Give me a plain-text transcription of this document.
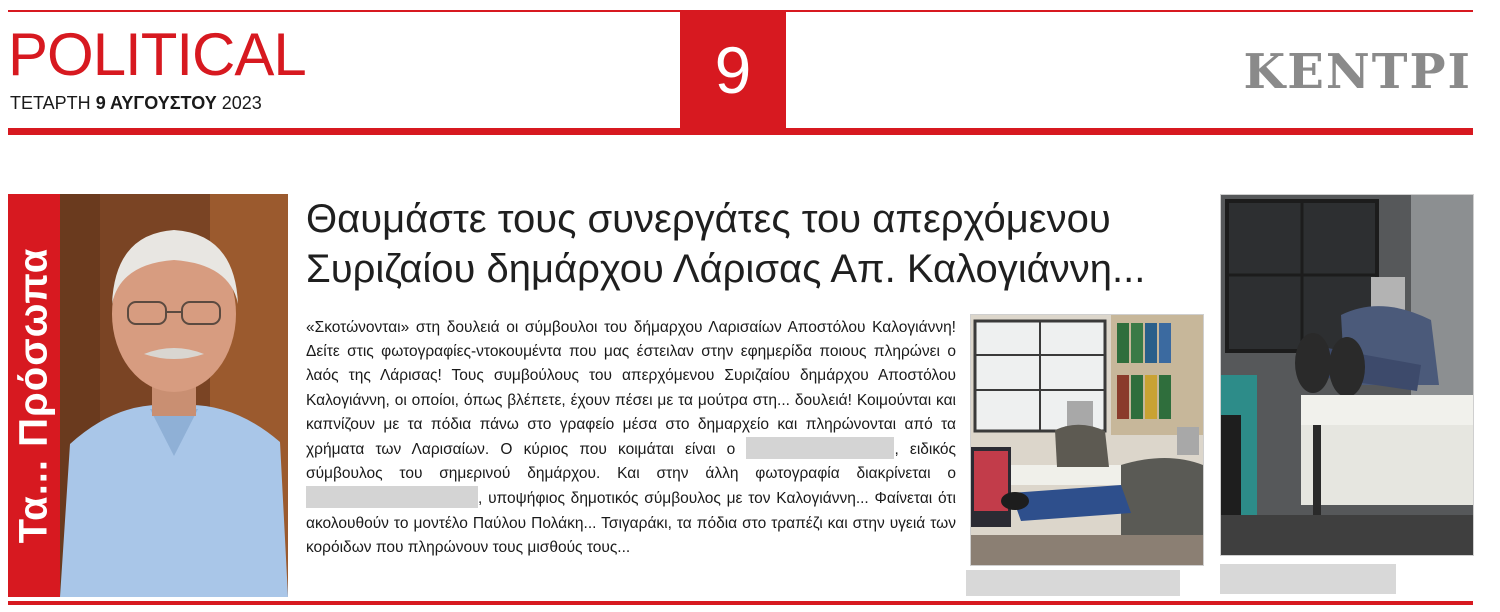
POLITICAL
ΤΕΤΑΡΤΗ 9 ΑΥΓΟΥΣΤΟΥ 2023	9	KENTPI
Τα... Πρόσωπα
Θαυμάστε τους συνεργάτες του απερχόμενου Συριζαίου δημάρχου Λάρισας Απ. Καλογιάννη...

«Σκοτώνονται» στη δουλειά οι σύμβουλοι του δήμαρχου Λαρισαίων Αποστόλου Καλογιάννη! Δείτε στις φωτογραφίες-ντοκουμέντα που μας έστειλαν στην εφημερίδα ποιους πληρώνει ο λαός της Λάρισας! Τους συμβούλους του απερχόμενου Συριζαίου δημάρχου Αποστόλου Καλογιάννη, οι οποίοι, όπως βλέπετε, έχουν πέσει με τα μούτρα στη... δουλειά! Κοιμούνται και καπνίζουν με τα πόδια πάνω στο γραφείο μέσα στο δημαρχείο και πληρώνονται από τα χρήματα των Λαρισαίων. Ο κύριος που κοιμάται είναι ο	, ειδικός σύμβουλος του σημερινού δημάρχου. Και στην άλλη φωτογραφία διακρίνεται ο , υποψήφιος δημοτικός σύμβουλος με τον Καλογιάννη... Φαίνεται ότι ακολουθούν το μοντέλο Παύλου Πολάκη... Τσιγαράκι, τα πόδια στο τραπέζι και στην υγειά των κορόιδων που πληρώνουν τους μισθούς τους...
